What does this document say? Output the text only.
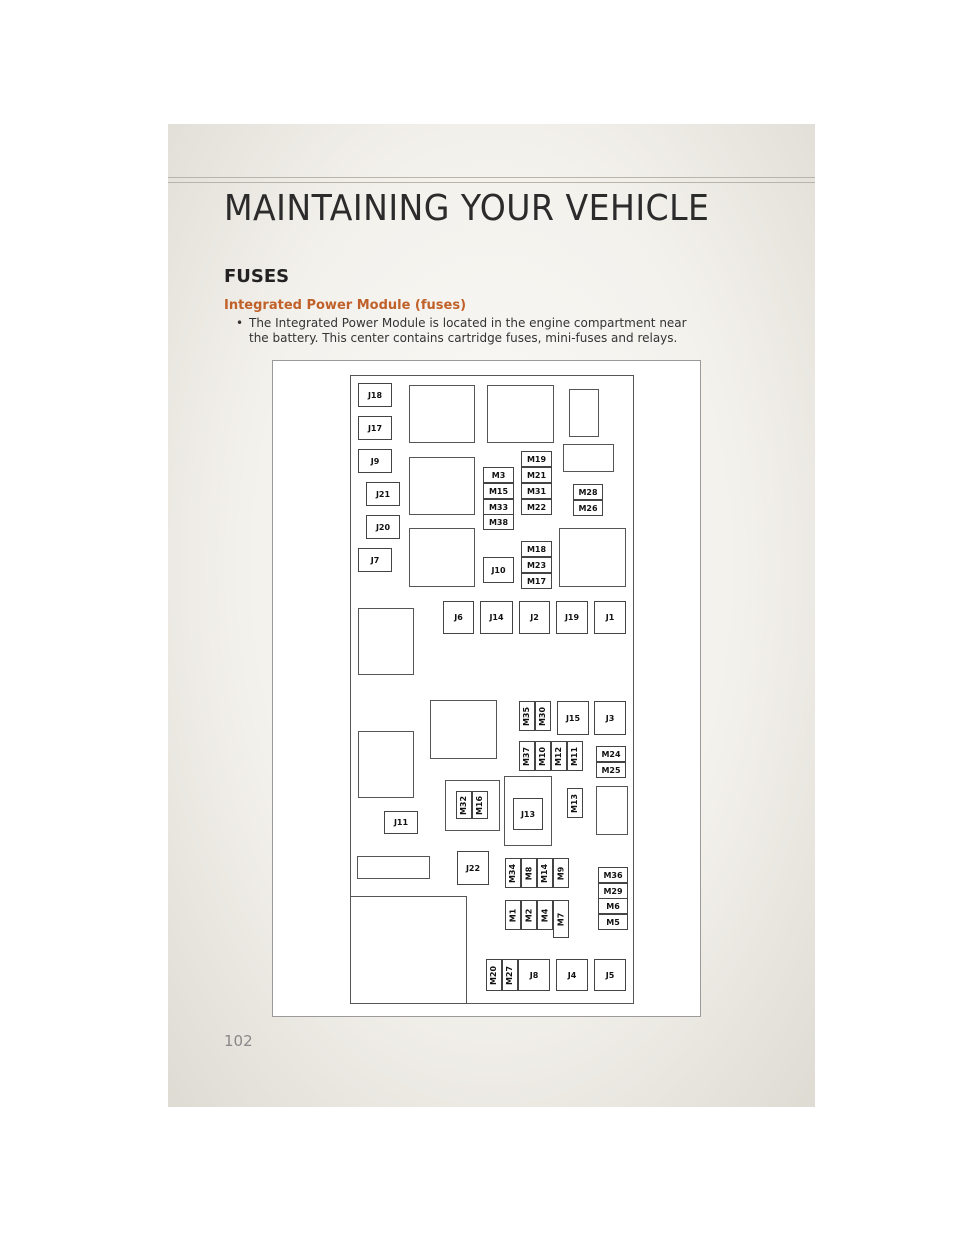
MAINTAINING YOUR VEHICLE
FUSES
Integrated Power Module (fuses)
• The Integrated Power Module is located in the engine compartment near the battery. This center contains cartridge fuses, mini-fuses and relays.
J18
J17
J9
J21
J20
J7
M3
M15
M33
M38
M19
M21
M31
M22
M28
M26
J10
M18
M23
M17
J6	J14	J2	J19	J1
M35 M30 J15	J3
M37 M10 M12 M11	M24
M25
M32 M16	J13
M13
J11
J22	M34 M8 M14 M9	M36
M29
M6
M5
M1 M2 M4 M7
M20 M27 J8	J4	J5
102
